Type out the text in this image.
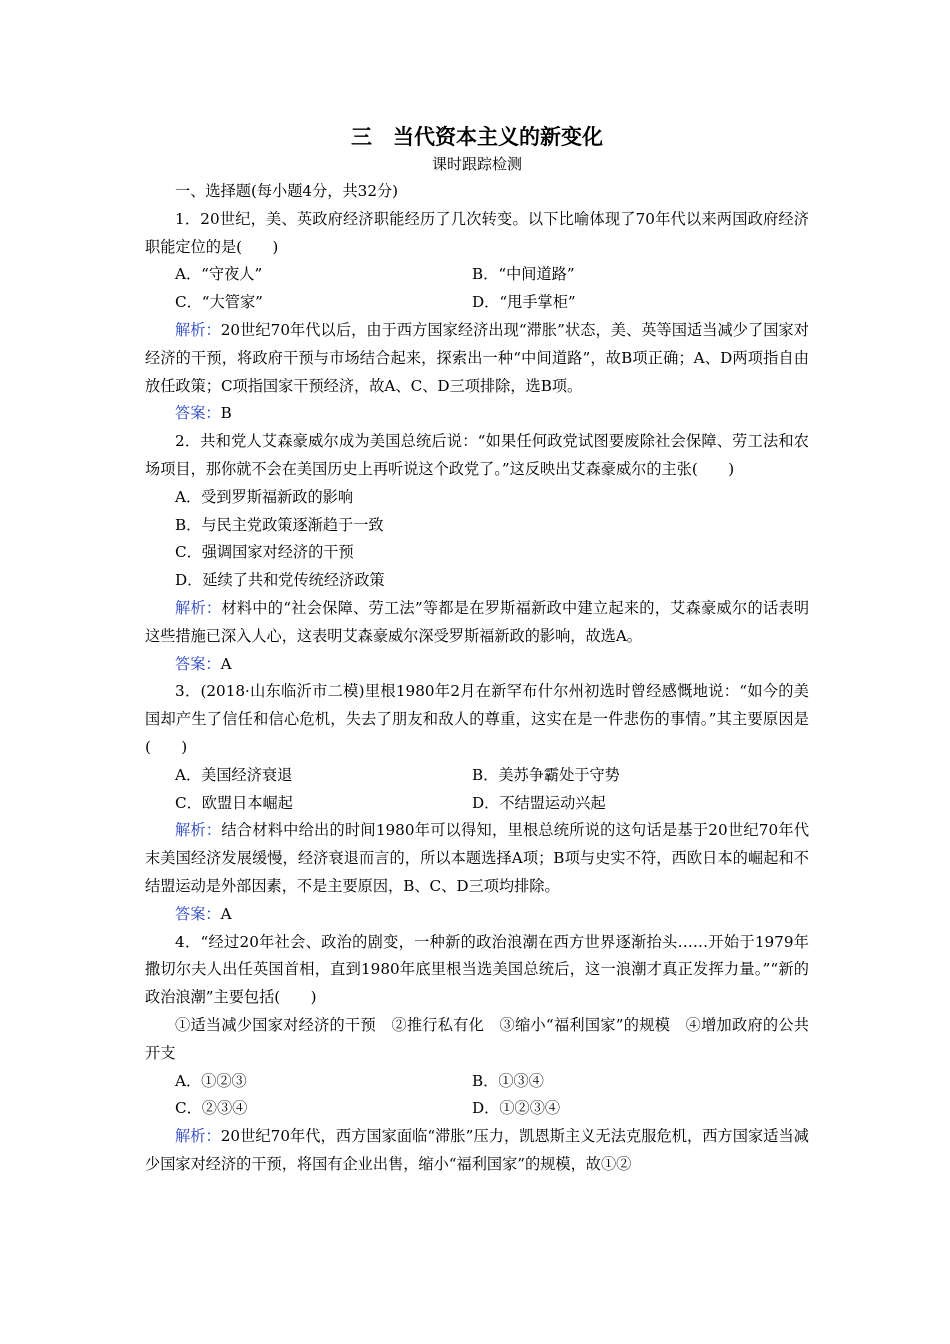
三　当代资本主义的新变化

课时跟踪检测

一、选择题(每小题4分，共32分)

1．20世纪，美、英政府经济职能经历了几次转变。以下比喻体现了70年代以来两国政府经济职能定位的是(　　)

A．“守夜人”	B．“中间道路”
C．“大管家”	D．“甩手掌柜”

解析：20世纪70年代以后，由于西方国家经济出现“滞胀”状态，美、英等国适当减少了国家对经济的干预，将政府干预与市场结合起来，探索出一种“中间道路”，故B项正确；A、D两项指自由放任政策；C项指国家干预经济，故A、C、D三项排除，选B项。

答案：B

2．共和党人艾森豪威尔成为美国总统后说：“如果任何政党试图要废除社会保障、劳工法和农场项目，那你就不会在美国历史上再听说这个政党了。”这反映出艾森豪威尔的主张(　　)

A．受到罗斯福新政的影响
B．与民主党政策逐渐趋于一致
C．强调国家对经济的干预
D．延续了共和党传统经济政策

解析：材料中的“社会保障、劳工法”等都是在罗斯福新政中建立起来的，艾森豪威尔的话表明这些措施已深入人心，这表明艾森豪威尔深受罗斯福新政的影响，故选A。

答案：A

3．(2018·山东临沂市二模)里根1980年2月在新罕布什尔州初选时曾经感慨地说：“如今的美国却产生了信任和信心危机，失去了朋友和敌人的尊重，这实在是一件悲伤的事情。”其主要原因是(　　)

A．美国经济衰退	B．美苏争霸处于守势
C．欧盟日本崛起	D．不结盟运动兴起

解析：结合材料中给出的时间1980年可以得知，里根总统所说的这句话是基于20世纪70年代末美国经济发展缓慢，经济衰退而言的，所以本题选择A项；B项与史实不符，西欧日本的崛起和不结盟运动是外部因素，不是主要原因，B、C、D三项均排除。

答案：A

4．“经过20年社会、政治的剧变，一种新的政治浪潮在西方世界逐渐抬头……开始于1979年撒切尔夫人出任英国首相，直到1980年底里根当选美国总统后，这一浪潮才真正发挥力量。”“新的政治浪潮”主要包括(　　)

①适当减少国家对经济的干预　②推行私有化　③缩小“福利国家”的规模　④增加政府的公共开支

A．①②③	B．①③④
C．②③④	D．①②③④

解析：20世纪70年代，西方国家面临“滞胀”压力，凯恩斯主义无法克服危机，西方国家适当减少国家对经济的干预，将国有企业出售，缩小“福利国家”的规模，故①②
